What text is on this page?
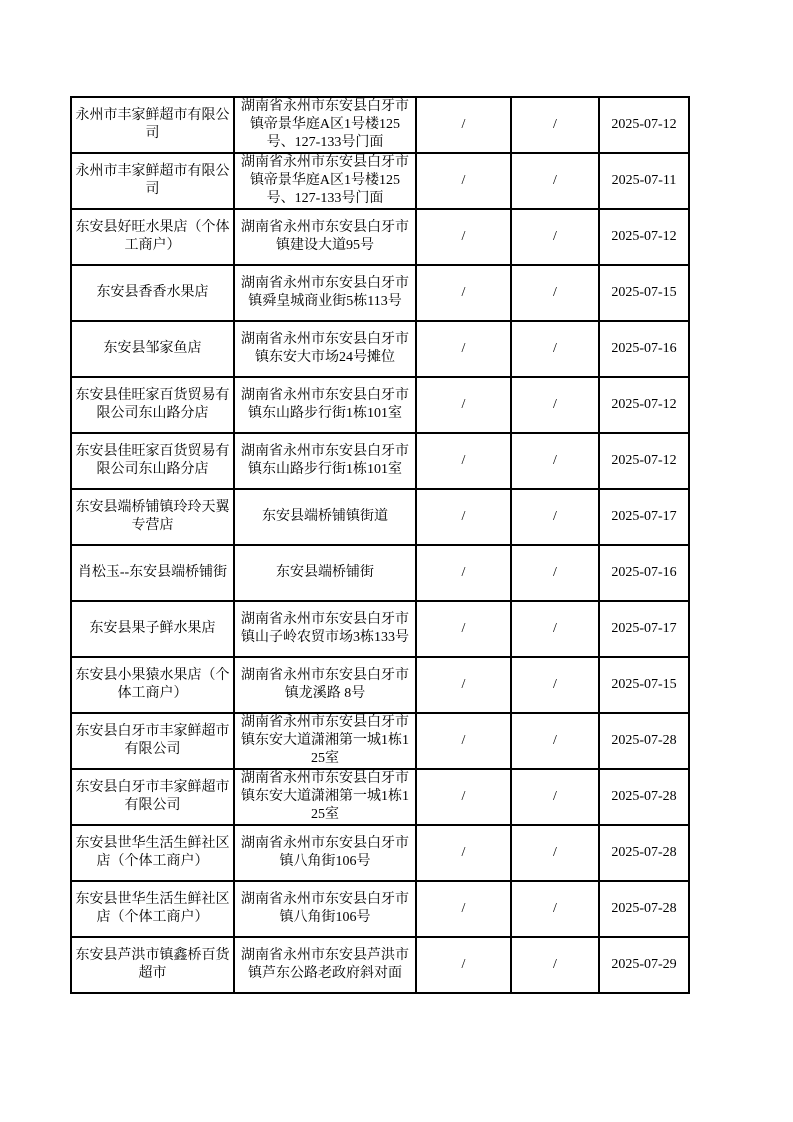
永州市丰家鲜超市有限公司	湖南省永州市东安县白牙市镇帝景华庭A区1号楼125号、127-133号门面	/	/	2025-07-12
永州市丰家鲜超市有限公司	湖南省永州市东安县白牙市镇帝景华庭A区1号楼125号、127-133号门面	/	/	2025-07-11
东安县好旺水果店（个体工商户）	湖南省永州市东安县白牙市镇建设大道95号	/	/	2025-07-12
东安县香香水果店	湖南省永州市东安县白牙市镇舜皇城商业街5栋113号	/	/	2025-07-15
东安县邹家鱼店	湖南省永州市东安县白牙市镇东安大市场24号摊位	/	/	2025-07-16
东安县佳旺家百货贸易有限公司东山路分店	湖南省永州市东安县白牙市镇东山路步行街1栋101室	/	/	2025-07-12
东安县佳旺家百货贸易有限公司东山路分店	湖南省永州市东安县白牙市镇东山路步行街1栋101室	/	/	2025-07-12
东安县端桥铺镇玲玲天翼专营店	东安县端桥铺镇街道	/	/	2025-07-17
肖松玉--东安县端桥铺街	东安县端桥铺街	/	/	2025-07-16
东安县果子鲜水果店	湖南省永州市东安县白牙市镇山子岭农贸市场3栋133号	/	/	2025-07-17
东安县小果猿水果店（个体工商户）	湖南省永州市东安县白牙市镇龙溪路 8号	/	/	2025-07-15
东安县白牙市丰家鲜超市有限公司	湖南省永州市东安县白牙市镇东安大道潇湘第一城1栋125室	/	/	2025-07-28
东安县白牙市丰家鲜超市有限公司	湖南省永州市东安县白牙市镇东安大道潇湘第一城1栋125室	/	/	2025-07-28
东安县世华生活生鲜社区店（个体工商户）	湖南省永州市东安县白牙市镇八角街106号	/	/	2025-07-28
东安县世华生活生鲜社区店（个体工商户）	湖南省永州市东安县白牙市镇八角街106号	/	/	2025-07-28
东安县芦洪市镇鑫桥百货超市	湖南省永州市东安县芦洪市镇芦东公路老政府斜对面	/	/	2025-07-29
